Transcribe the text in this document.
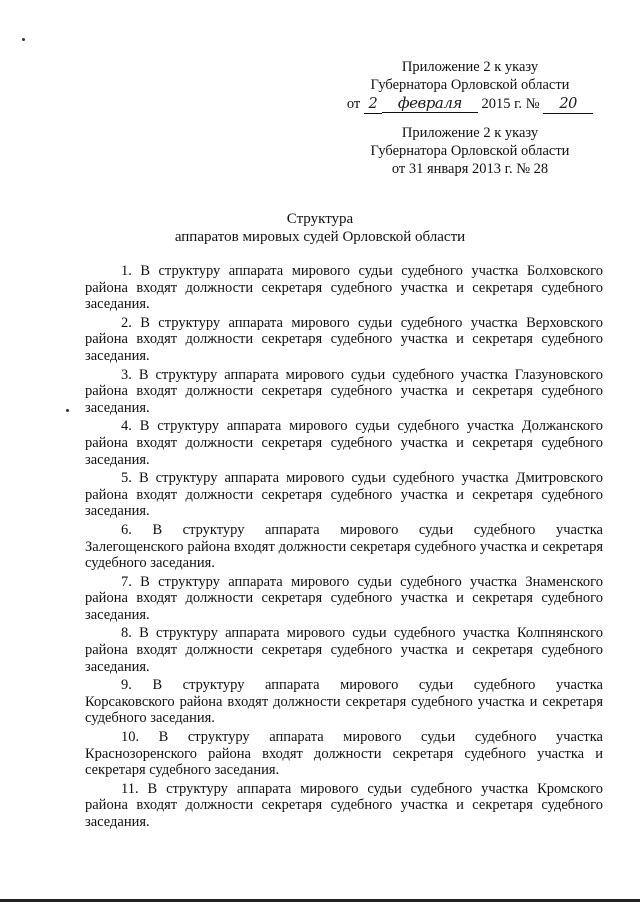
Приложение 2 к указу
Губернатора Орловской области
от 2 февраля 2015 г. № 20
Приложение 2 к указу
Губернатора Орловской области
от 31 января 2013 г. № 28
Структура
аппаратов мировых судей Орловской области

1. В структуру аппарата мирового судьи судебного участка Болховского
района входят должности секретаря судебного участка и секретаря судебного заседания.

2. В структуру аппарата мирового судьи судебного участка Верховского
района входят должности секретаря судебного участка и секретаря судебного заседания.

3. В структуру аппарата мирового судьи судебного участка Глазуновского
района входят должности секретаря судебного участка и секретаря судебного заседания.

4. В структуру аппарата мирового судьи судебного участка Должанского
района входят должности секретаря судебного участка и секретаря судебного заседания.

5. В структуру аппарата мирового судьи судебного участка Дмитровского
района входят должности секретаря судебного участка и секретаря судебного заседания.

6. В структуру аппарата мирового судьи судебного участка
Залегощенского района входят должности секретаря судебного участка и секретаря судебного заседания.

7. В структуру аппарата мирового судьи судебного участка Знаменского
района входят должности секретаря судебного участка и секретаря судебного заседания.

8. В структуру аппарата мирового судьи судебного участка Колпнянского
района входят должности секретаря судебного участка и секретаря судебного заседания.

9. В структуру аппарата мирового судьи судебного участка
Корсаковского района входят должности секретаря судебного участка и секретаря судебного заседания.

10. В структуру аппарата мирового судьи судебного участка
Краснозоренского района входят должности секретаря судебного участка и секретаря судебного заседания.

11. В структуру аппарата мирового судьи судебного участка Кромского
района входят должности секретаря судебного участка и секретаря судебного заседания.
